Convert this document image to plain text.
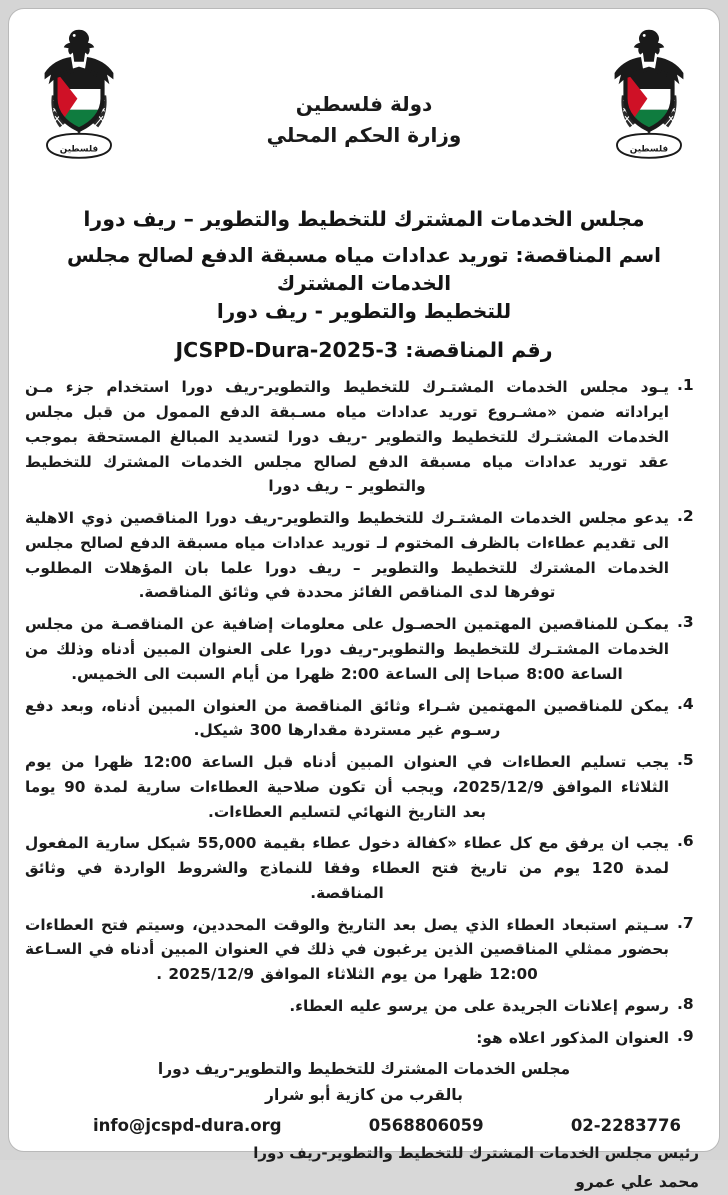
فلسطين	فلسطين
دولة فلسطين
وزارة الحكم المحلي
مجلس الخدمات المشترك للتخطيط والتطوير – ريف دورا
اسم المناقصة: توريد عدادات مياه مسبقة الدفع لصالح مجلس الخدمات المشترك
للتخطيط والتطوير - ريف دورا
رقم المناقصة: JCSPD-Dura-2025-3
.1
يـود مجلس الخدمات المشتـرك للتخطيط والتطوير-ريف دورا استخدام جزء مـن ايراداته ضمن «مشـروع توريد عدادات مياه مسـبقة الدفع الممول من قبل مجلس الخدمات المشتـرك للتخطيط والتطوير -ريف دورا لتسديد المبالغ المستحقة بموجب عقد توريد عدادات مياه مسبقة الدفع لصالح مجلس الخدمات المشترك للتخطيط والتطوير – ريف دورا
.2
يدعو مجلس الخدمات المشتـرك للتخطيط والتطوير-ريف دورا المناقصين ذوي الاهلية الى تقديم عطاءات بالظرف المختوم لـ توريد عدادات مياه مسبقة الدفع لصالح مجلس الخدمات المشترك للتخطيط والتطوير – ريف دورا علما بان المؤهلات المطلوب توفرها لدى المناقص الفائز محددة في وثائق المناقصة.
.3
يمكـن للمناقصين المهتمين الحصـول على معلومات إضافية عن المناقصـة من مجلس الخدمات المشتـرك للتخطيط والتطوير-ريف دورا على العنوان المبين أدناه وذلك من الساعة 8:00 صباحا إلى الساعة 2:00 ظهرا من أيام السبت الى الخميس.
.4
يمكن للمناقصين المهتمين شـراء وثائق المناقصة من العنوان المبين أدناه، وبعد دفع رسـوم غير مستردة مقدارها 300 شيكل.
.5
يجب تسليم العطاءات في العنوان المبين أدناه قبل الساعة 12:00 ظهرا من يوم الثلاثاء الموافق 2025/12/9، ويجب أن تكون صلاحية العطاءات سارية لمدة 90 يوما بعد التاريخ النهائي لتسليم العطاءات.
.6
يجب ان يرفق مع كل عطاء «كفالة دخول عطاء بقيمة 55,000 شيكل سارية المفعول لمدة 120 يوم من تاريخ فتح العطاء وفقا للنماذج والشروط الواردة في وثائق المناقصة.
.7
سـيتم استبعاد العطاء الذي يصل بعد التاريخ والوقت المحددين، وسيتم فتح العطاءات بحضور ممثلي المناقصين الذين يرغبون في ذلك في العنوان المبين أدناه في السـاعة 12:00 ظهرا من يوم الثلاثاء الموافق 2025/12/9 .
.8
رسوم إعلانات الجريدة على من يرسو عليه العطاء.
.9
العنوان المذكور اعلاه هو:
مجلس الخدمات المشترك للتخطيط والتطوير-ريف دورا
بالقرب من كازية أبو شرار
info@jcspd-dura.org	0568806059	02-2283776
رئيس مجلس الخدمات المشترك للتخطيط والتطوير-ريف دورا
محمد علي عمرو
